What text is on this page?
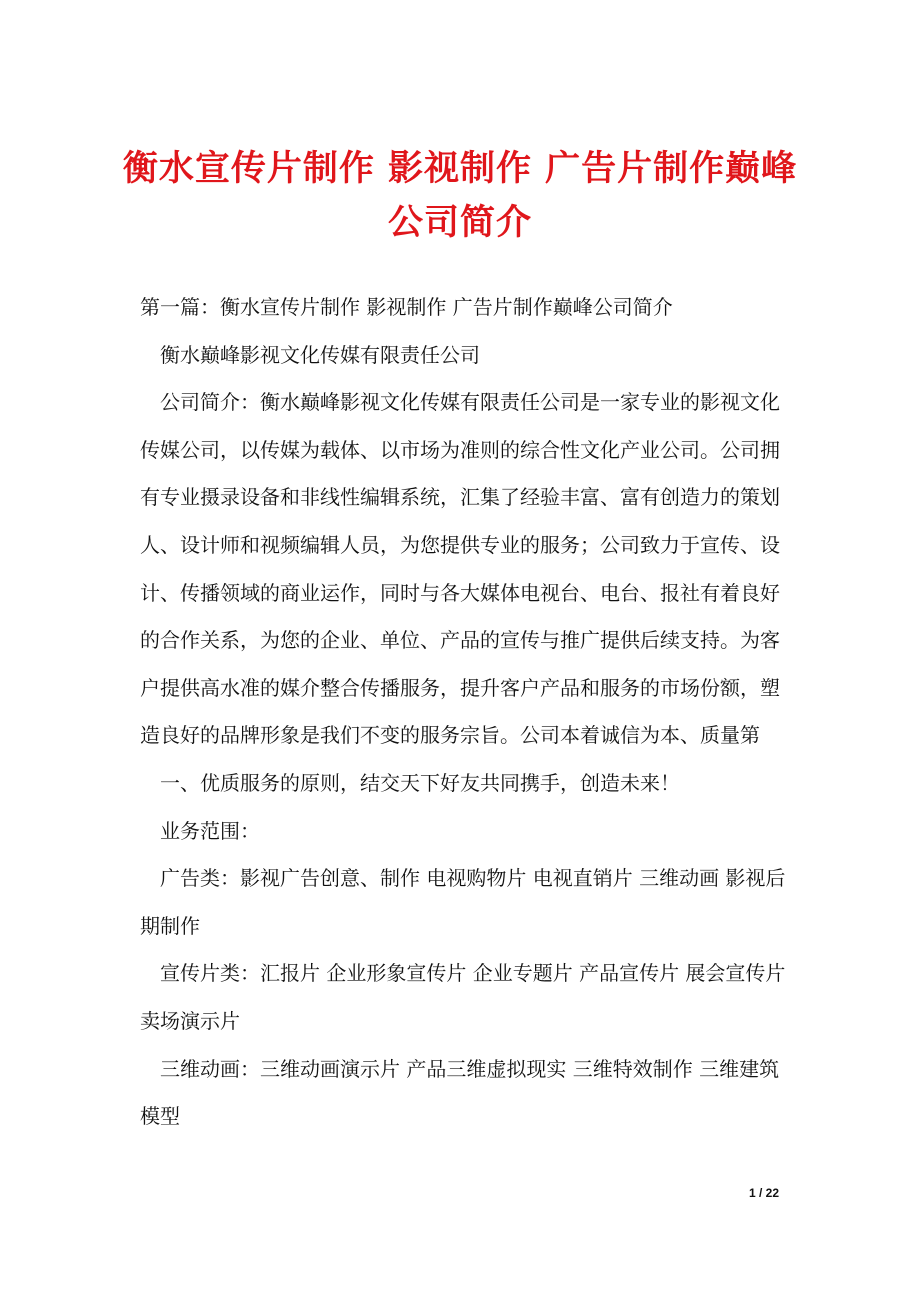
衡水宣传片制作 影视制作 广告片制作巅峰
公司简介

第一篇：衡水宣传片制作 影视制作 广告片制作巅峰公司简介

衡水巅峰影视文化传媒有限责任公司

公司简介：衡水巅峰影视文化传媒有限责任公司是一家专业的影视文化传媒公司，以传媒为载体、以市场为准则的综合性文化产业公司。公司拥有专业摄录设备和非线性编辑系统，汇集了经验丰富、富有创造力的策划人、设计师和视频编辑人员，为您提供专业的服务；公司致力于宣传、设计、传播领域的商业运作，同时与各大媒体电视台、电台、报社有着良好的合作关系，为您的企业、单位、产品的宣传与推广提供后续支持。为客户提供高水准的媒介整合传播服务，提升客户产品和服务的市场份额，塑造良好的品牌形象是我们不变的服务宗旨。公司本着诚信为本、质量第

一、优质服务的原则，结交天下好友共同携手，创造未来！

业务范围：

广告类：影视广告创意、制作 电视购物片 电视直销片 三维动画 影视后期制作

宣传片类：汇报片 企业形象宣传片 企业专题片 产品宣传片 展会宣传片 卖场演示片

三维动画：三维动画演示片 产品三维虚拟现实 三维特效制作 三维建筑模型

1 / 22
